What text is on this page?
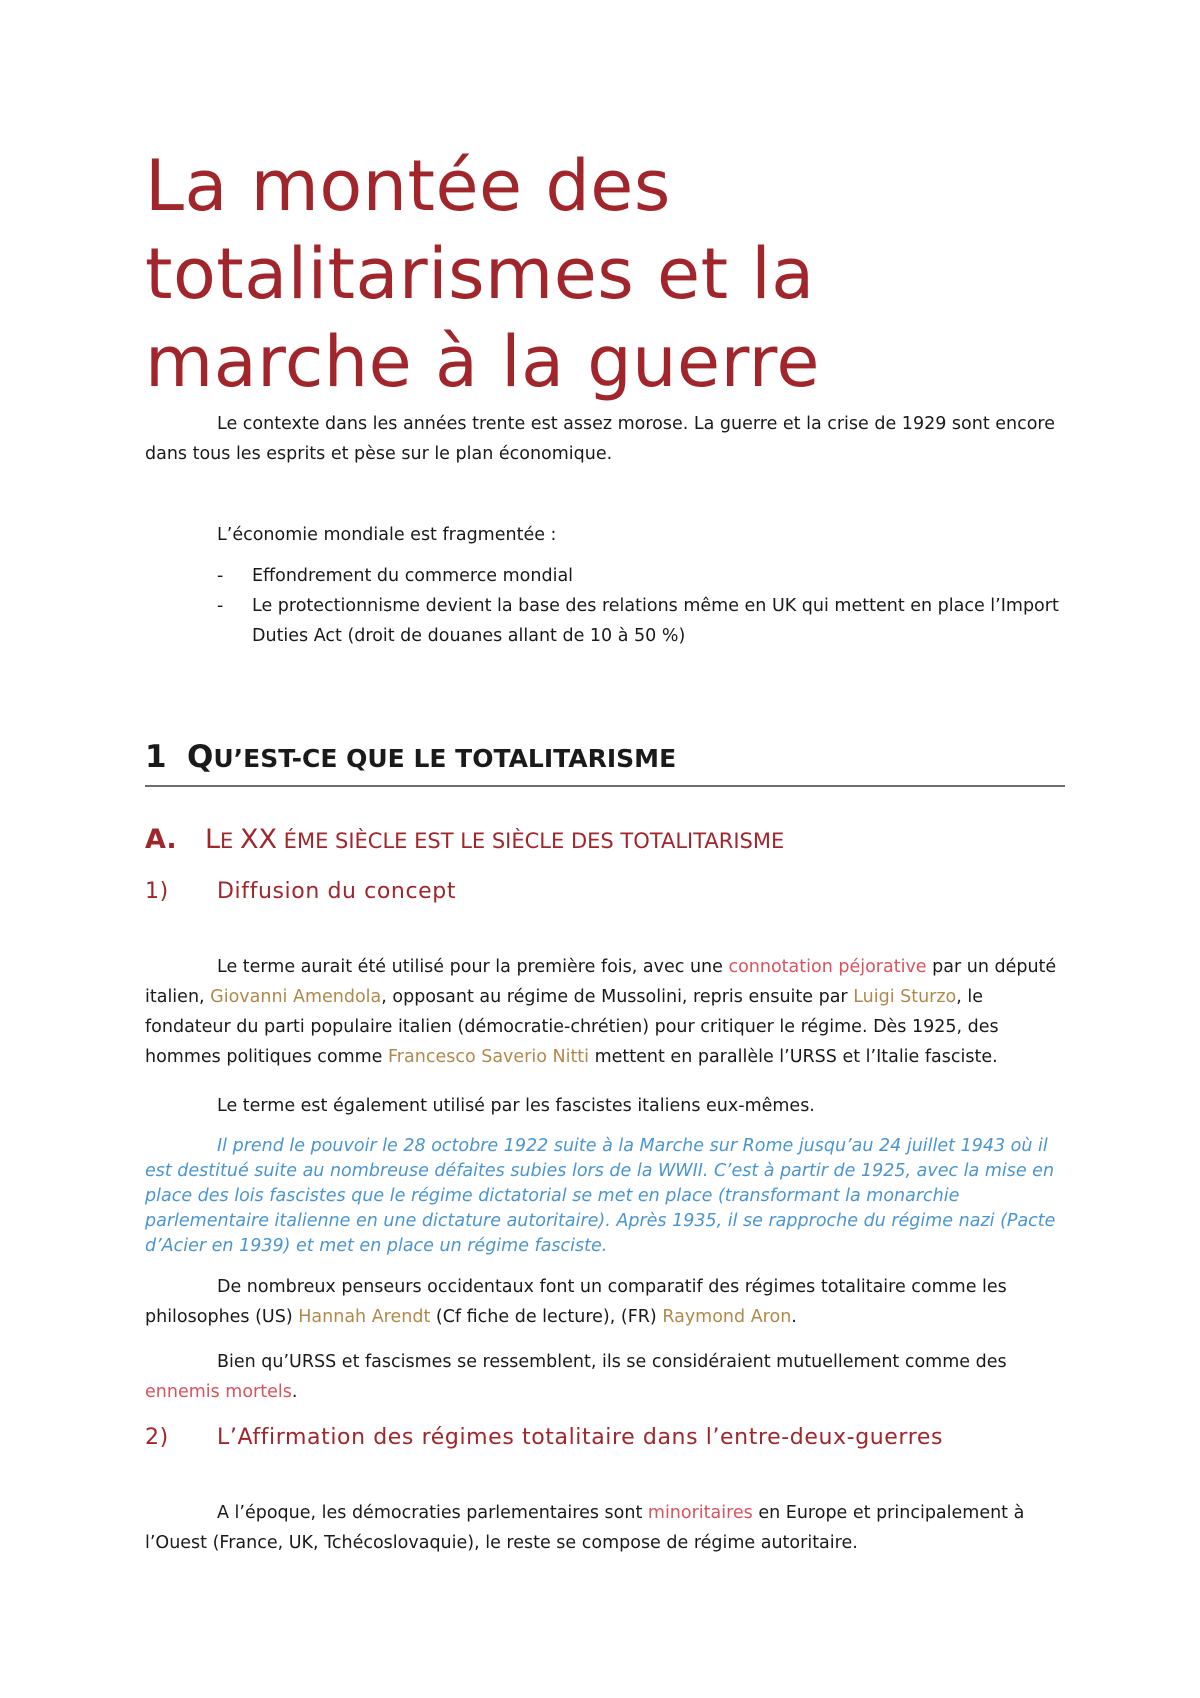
La montée des
totalitarismes et la
marche à la guerre

Le contexte dans les années trente est assez morose. La guerre et la crise de 1929 sont encore dans tous les esprits et pèse sur le plan économique.

L’économie mondiale est fragmentée :

- Effondrement du commerce mondial
- Le protectionnisme devient la base des relations même en UK qui mettent en place l’Import Duties Act (droit de douanes allant de 10 à 50 %)
1 QU’EST-CE QUE LE TOTALITARISME
A. LE XX ÉME SIÈCLE EST LE SIÈCLE DES TOTALITARISME
1) Diffusion du concept

Le terme aurait été utilisé pour la première fois, avec une connotation péjorative par un député italien, Giovanni Amendola, opposant au régime de Mussolini, repris ensuite par Luigi Sturzo, le fondateur du parti populaire italien (démocratie-chrétien) pour critiquer le régime. Dès 1925, des hommes politiques comme Francesco Saverio Nitti mettent en parallèle l’URSS et l’Italie fasciste.

Le terme est également utilisé par les fascistes italiens eux-mêmes.

Il prend le pouvoir le 28 octobre 1922 suite à la Marche sur Rome jusqu’au 24 juillet 1943 où il est destitué suite au nombreuse défaites subies lors de la WWII. C’est à partir de 1925, avec la mise en place des lois fascistes que le régime dictatorial se met en place (transformant la monarchie parlementaire italienne en une dictature autoritaire). Après 1935, il se rapproche du régime nazi (Pacte d’Acier en 1939) et met en place un régime fasciste.

De nombreux penseurs occidentaux font un comparatif des régimes totalitaire comme les philosophes (US) Hannah Arendt (Cf fiche de lecture), (FR) Raymond Aron.

Bien qu’URSS et fascismes se ressemblent, ils se considéraient mutuellement comme des ennemis mortels.

2) L’Affirmation des régimes totalitaire dans l’entre-deux-guerres

A l’époque, les démocraties parlementaires sont minoritaires en Europe et principalement à l’Ouest (France, UK, Tchécoslovaquie), le reste se compose de régime autoritaire.
